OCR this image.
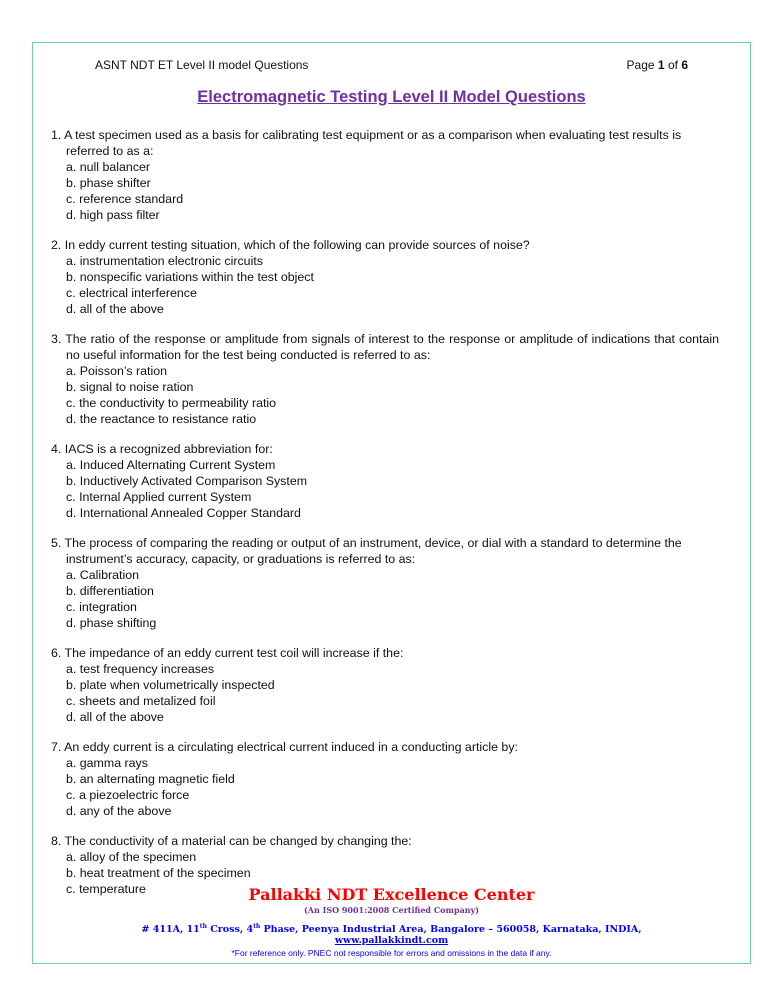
ASNT NDT ET Level II model Questions	Page 1 of 6
Electromagnetic Testing Level II Model Questions
1. A test specimen used as a basis for calibrating test equipment or as a comparison when evaluating test results is referred to as a:
a. null balancer
b. phase shifter
c. reference standard
d. high pass filter
2. In eddy current testing situation, which of the following can provide sources of noise?
a. instrumentation electronic circuits
b. nonspecific variations within the test object
c. electrical interference
d. all of the above
3. The ratio of the response or amplitude from signals of interest to the response or amplitude of indications that contain no useful information for the test being conducted is referred to as:
a. Poisson’s ration
b. signal to noise ration
c. the conductivity to permeability ratio
d. the reactance to resistance ratio
4. IACS is a recognized abbreviation for:
a. Induced Alternating Current System
b. Inductively Activated Comparison System
c. Internal Applied current System
d. International Annealed Copper Standard
5. The process of comparing the reading or output of an instrument, device, or dial with a standard to determine the instrument’s accuracy, capacity, or graduations is referred to as:
a. Calibration
b. differentiation
c. integration
d. phase shifting
6. The impedance of an eddy current test coil will increase if the:
a. test frequency increases
b. plate when volumetrically inspected
c. sheets and metalized foil
d. all of the above
7. An eddy current is a circulating electrical current induced in a conducting article by:
a. gamma rays
b. an alternating magnetic field
c. a piezoelectric force
d. any of the above
8. The conductivity of a material can be changed by changing the:
a. alloy of the specimen
b. heat treatment of the specimen
c. temperature	Pallakki NDT Excellence Center
(An ISO 9001:2008 Certified Company)
# 411A, 11th Cross, 4th Phase, Peenya Industrial Area, Bangalore – 560058, Karnataka, INDIA,
www.pallakkindt.com
*For reference only. PNEC not responsible for errors and omissions in the data if any.
